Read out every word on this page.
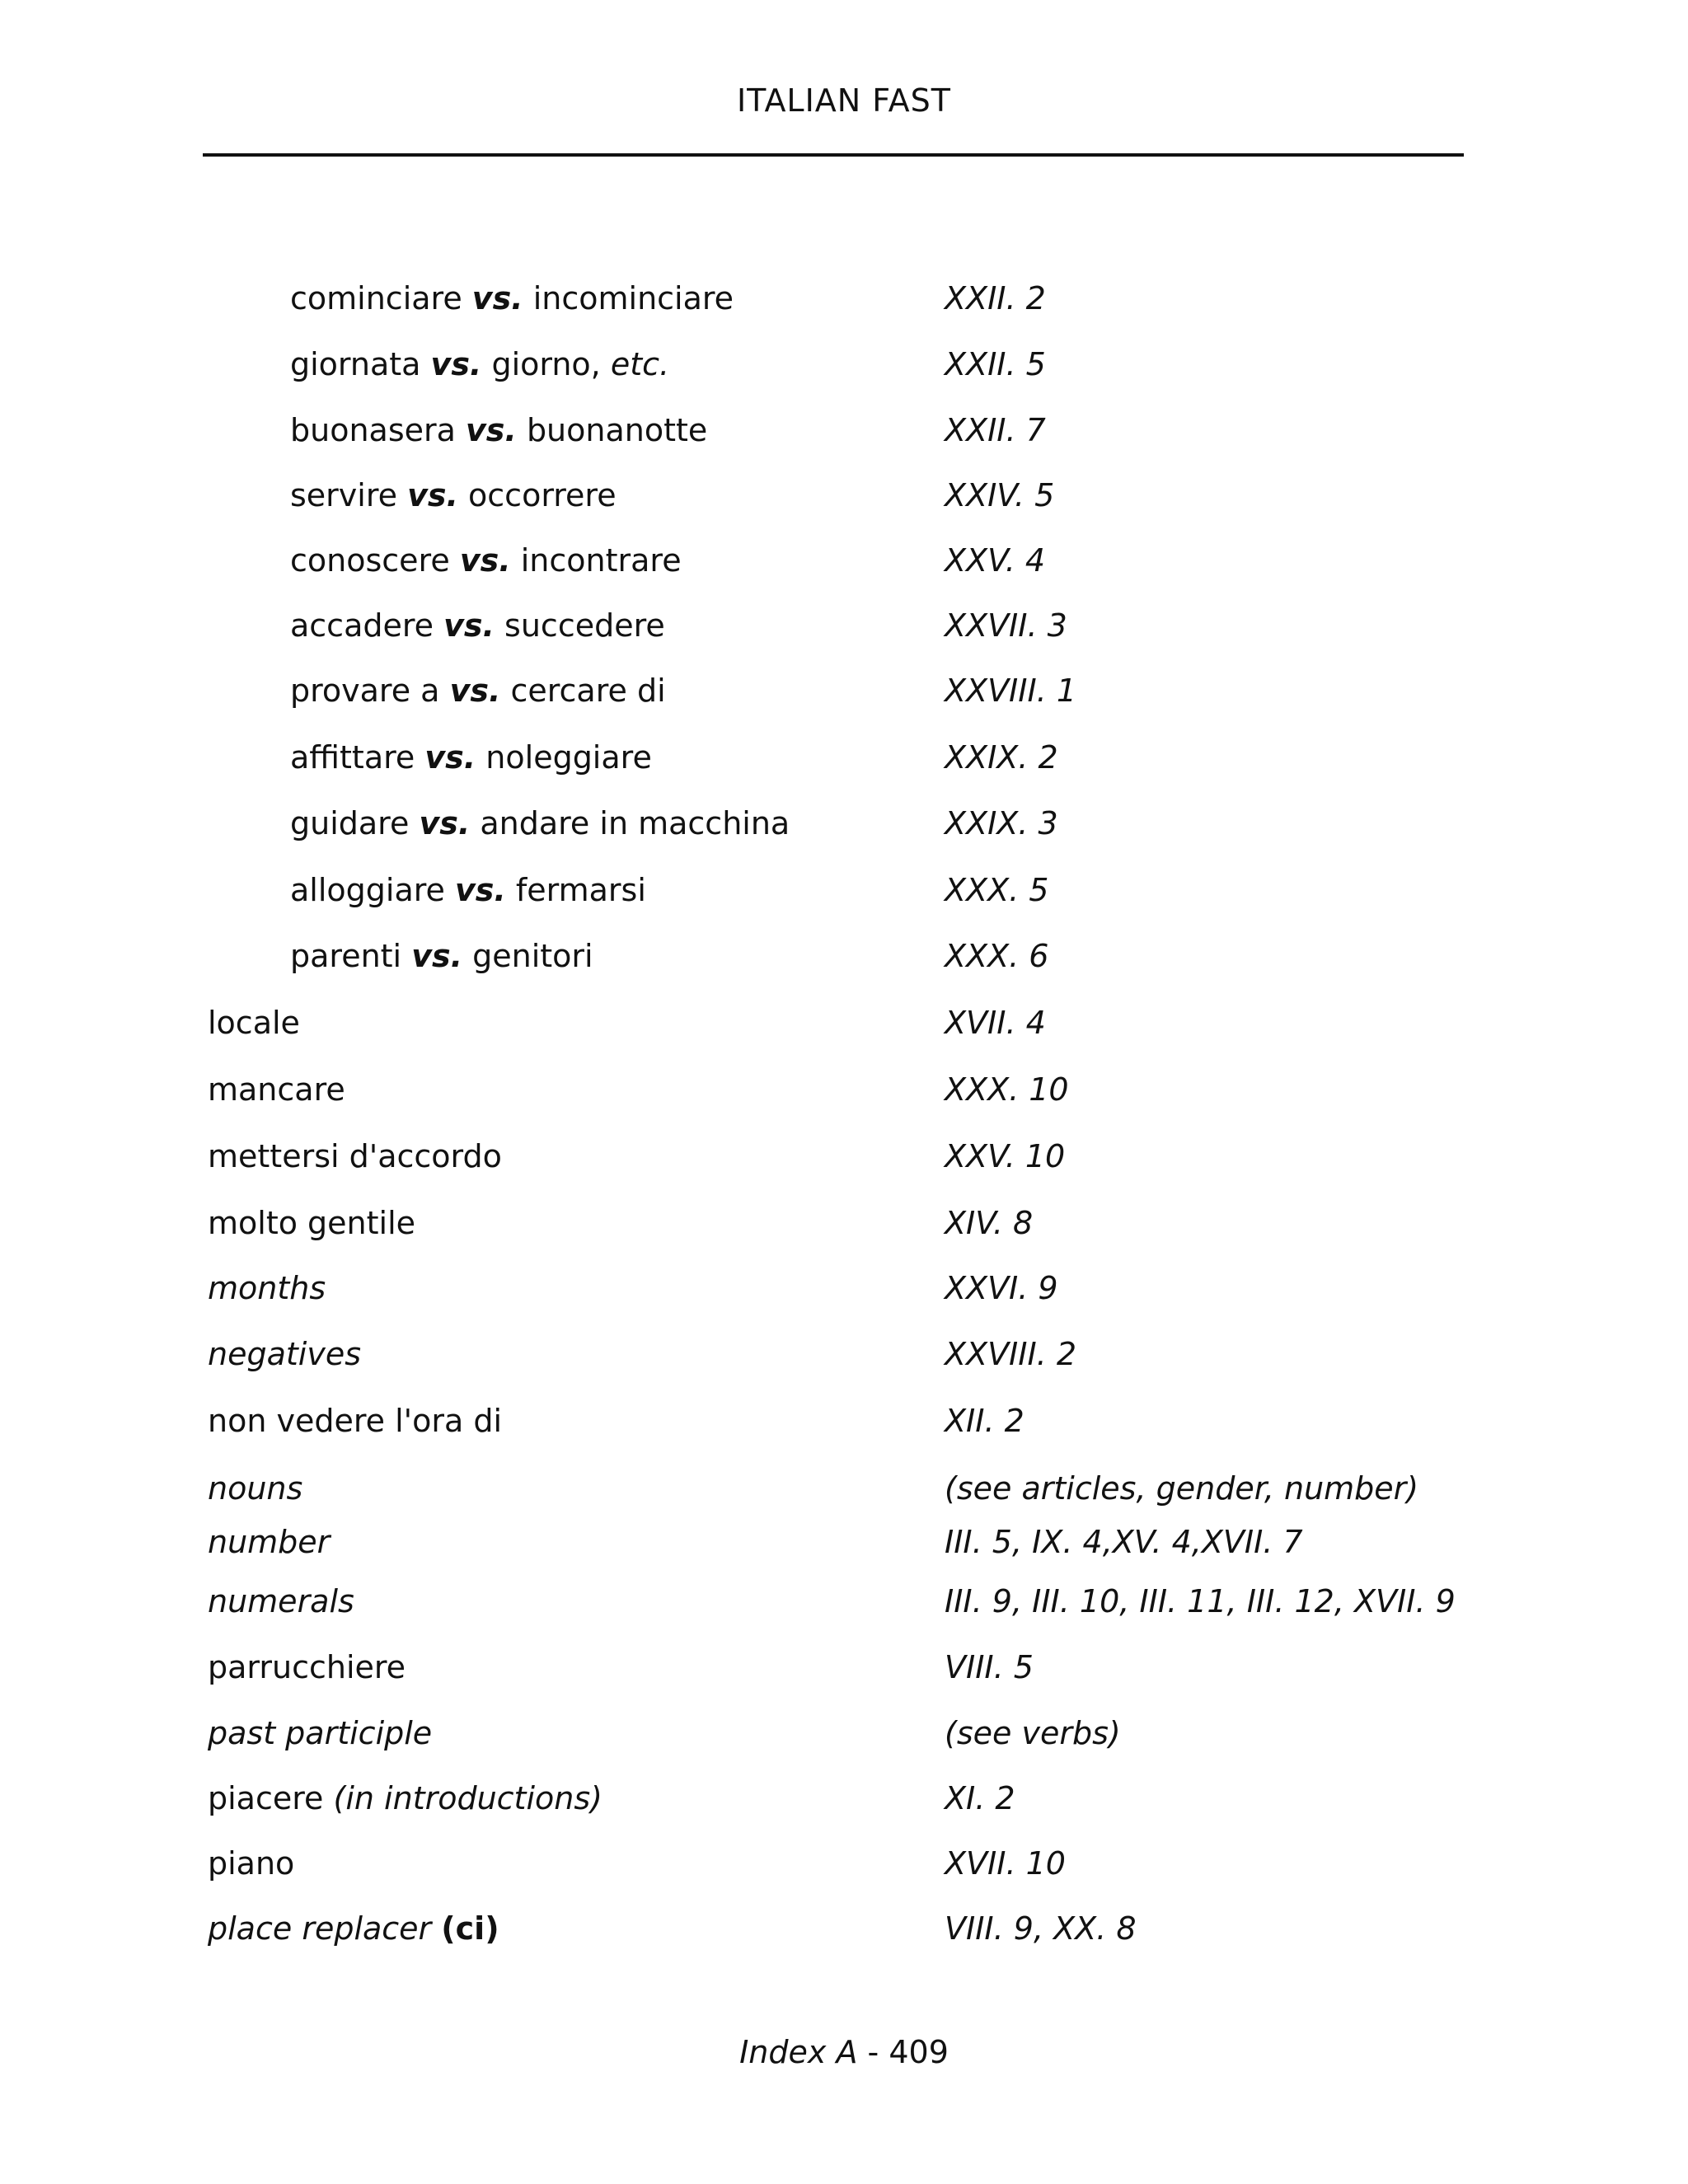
ITALIAN FAST
cominciare vs. incominciare	XXII. 2
giornata vs. giorno, etc.	XXII. 5
buonasera vs. buonanotte	XXII. 7
servire vs. occorrere	XXIV. 5
conoscere vs. incontrare	XXV. 4
accadere vs. succedere	XXVII. 3
provare a vs. cercare di	XXVIII. 1
affittare vs. noleggiare	XXIX. 2
guidare vs. andare in macchina	XXIX. 3
alloggiare vs. fermarsi	XXX. 5
parenti vs. genitori	XXX. 6
locale	XVII. 4
mancare	XXX. 10
mettersi d'accordo	XXV. 10
molto gentile	XIV. 8
months	XXVI. 9
negatives	XXVIII. 2
non vedere l'ora di	XII. 2
nouns	(see articles, gender, number)
number	III. 5, IX. 4,XV. 4,XVII. 7
numerals	III. 9, III. 10, III. 11, III. 12, XVII. 9
parrucchiere	VIII. 5
past participle	(see verbs)
piacere (in introductions)	XI. 2
piano	XVII. 10
place replacer (ci)	VIII. 9, XX. 8
Index A - 409
